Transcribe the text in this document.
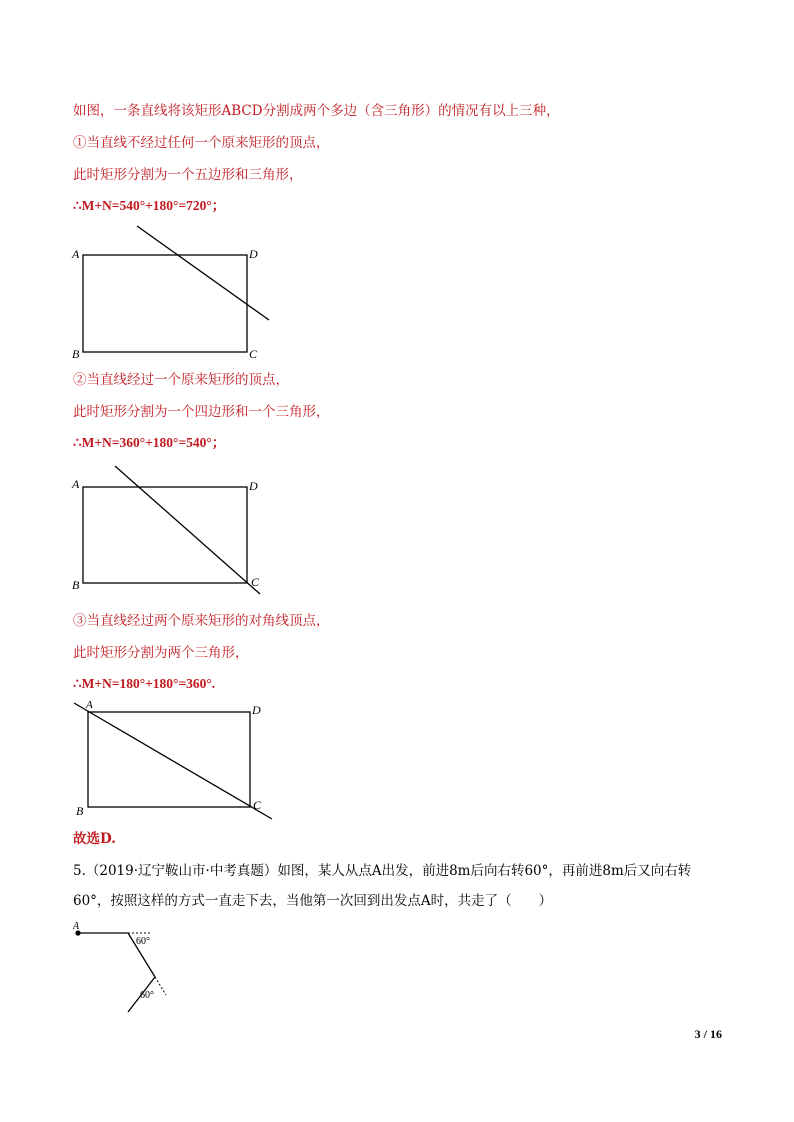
如图，一条直线将该矩形ABCD分割成两个多边（含三角形）的情况有以上三种，
①当直线不经过任何一个原来矩形的顶点，
此时矩形分割为一个五边形和三角形，
∴M+N=540°+180°=720°；
A	D
B	C
②当直线经过一个原来矩形的顶点，
此时矩形分割为一个四边形和一个三角形，
∴M+N=360°+180°=540°；
A	D
B	C
③当直线经过两个原来矩形的对角线顶点，
此时矩形分割为两个三角形，
∴M+N=180°+180°=360°.
A	D
B	C
故选D.
5.（2019·辽宁鞍山市·中考真题）如图，某人从点A出发，前进8m后向右转60°，再前进8m后又向右转
60°，按照这样的方式一直走下去，当他第一次回到出发点A时，共走了（　　）
A
60°
60°
3 / 16
